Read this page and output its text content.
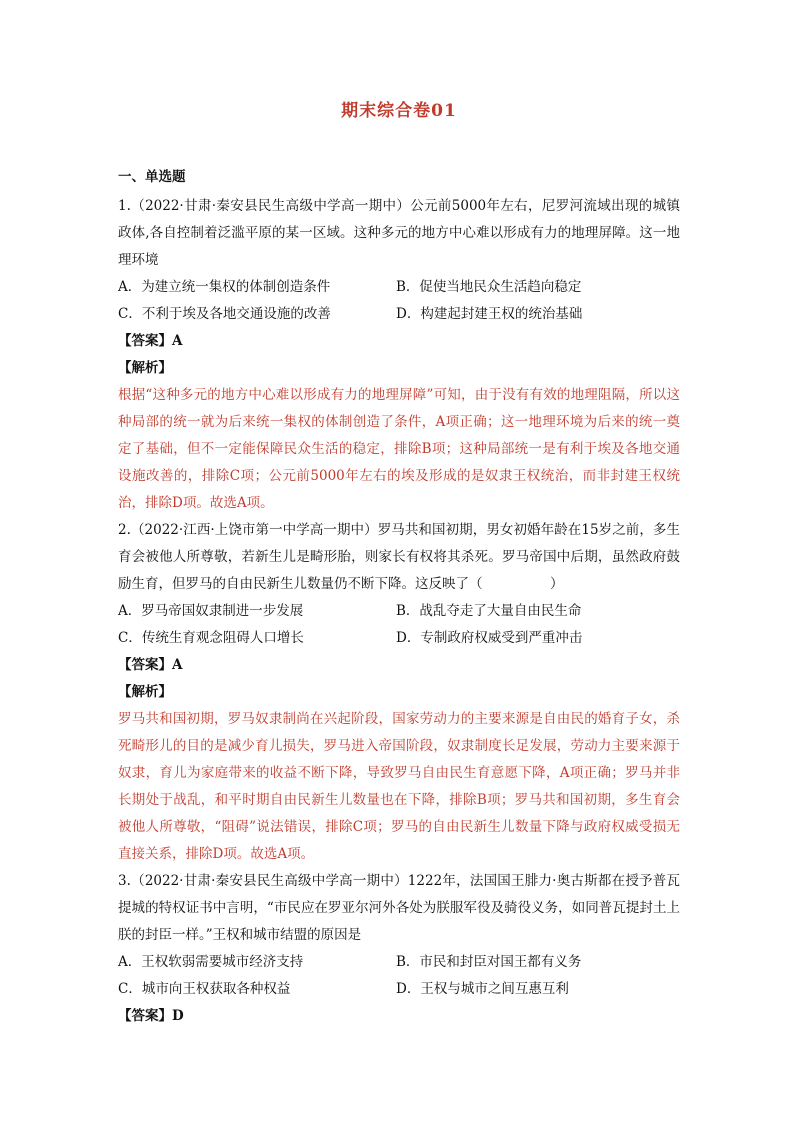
期末综合卷01

一、单选题

1.（2022·甘肃·秦安县民生高级中学高一期中）公元前5000年左右，尼罗河流域出现的城镇政体,各自控制着泛滥平原的某一区域。这种多元的地方中心难以形成有力的地理屏障。这一地理环境

A．为建立统一集权的体制创造条件	B．促使当地民众生活趋向稳定
C．不利于埃及各地交通设施的改善	D．构建起封建王权的统治基础

【答案】A

【解析】

根据“这种多元的地方中心难以形成有力的地理屏障”可知，由于没有有效的地理阻隔，所以这种局部的统一就为后来统一集权的体制创造了条件，A项正确；这一地理环境为后来的统一奠定了基础，但不一定能保障民众生活的稳定，排除B项；这种局部统一是有利于埃及各地交通设施改善的，排除C项；公元前5000年左右的埃及形成的是奴隶王权统治，而非封建王权统治，排除D项。故选A项。

2.（2022·江西·上饶市第一中学高一期中）罗马共和国初期，男女初婚年龄在15岁之前，多生育会被他人所尊敬，若新生儿是畸形胎，则家长有权将其杀死。罗马帝国中后期，虽然政府鼓励生育，但罗马的自由民新生儿数量仍不断下降。这反映了（　　　　　）

A．罗马帝国奴隶制进一步发展	B．战乱夺走了大量自由民生命
C．传统生育观念阻碍人口增长	D．专制政府权威受到严重冲击

【答案】A

【解析】

罗马共和国初期，罗马奴隶制尚在兴起阶段，国家劳动力的主要来源是自由民的婚育子女，杀死畸形儿的目的是减少育儿损失，罗马进入帝国阶段，奴隶制度长足发展，劳动力主要来源于奴隶，育儿为家庭带来的收益不断下降，导致罗马自由民生育意愿下降，A项正确；罗马并非长期处于战乱，和平时期自由民新生儿数量也在下降，排除B项；罗马共和国初期，多生育会被他人所尊敬，“阻碍”说法错误，排除C项；罗马的自由民新生儿数量下降与政府权威受损无直接关系，排除D项。故选A项。

3.（2022·甘肃·秦安县民生高级中学高一期中）1222年，法国国王腓力·奥古斯都在授予普瓦提城的特权证书中言明，“市民应在罗亚尔河外各处为朕服军役及骑役义务，如同普瓦提封土上朕的封臣一样。”王权和城市结盟的原因是

A．王权软弱需要城市经济支持	B．市民和封臣对国王都有义务
C．城市向王权获取各种权益	D．王权与城市之间互惠互利

【答案】D
